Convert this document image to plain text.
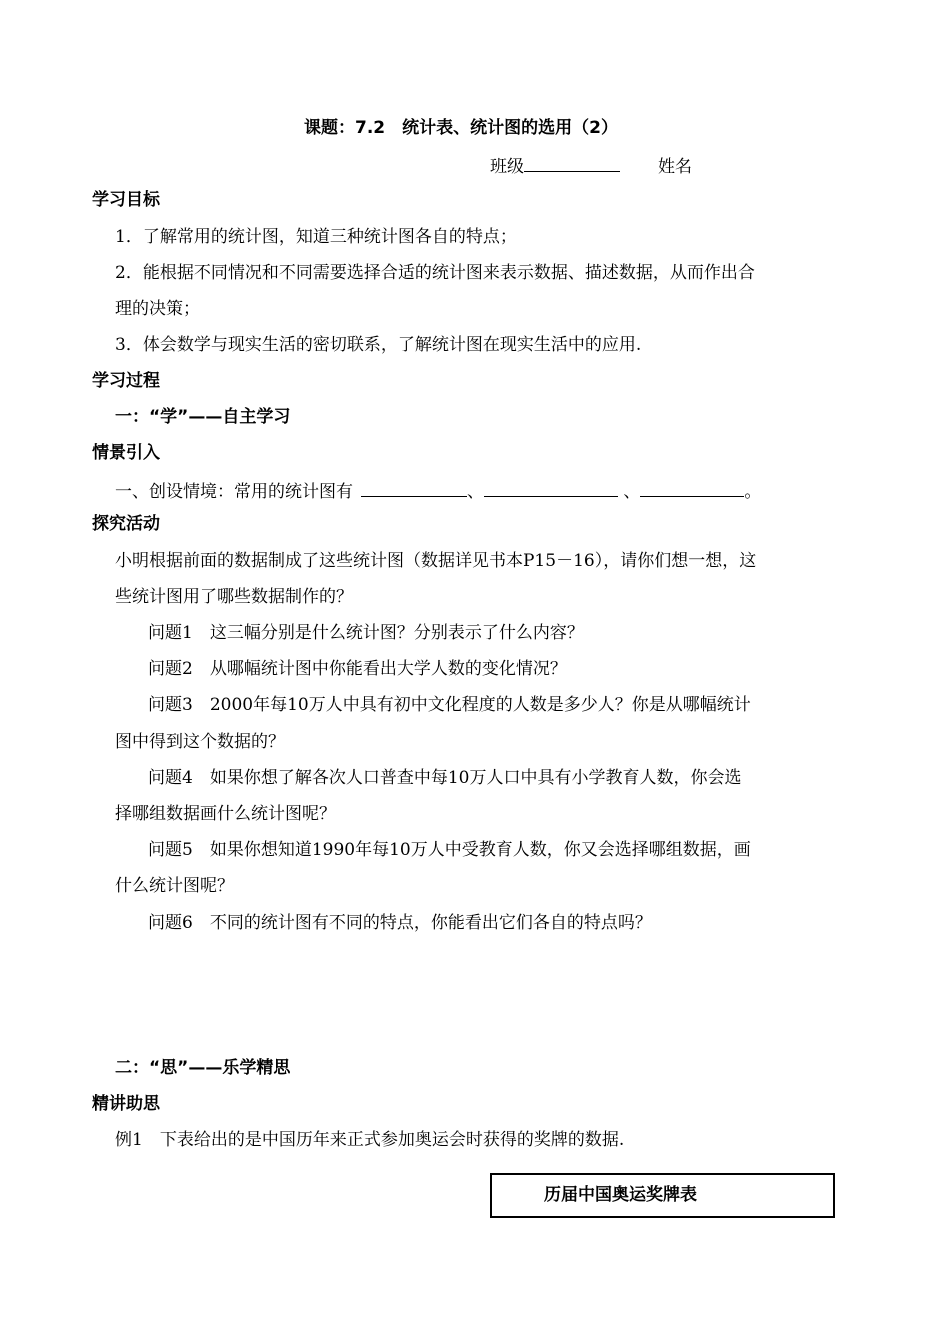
课题：7.2　统计表、统计图的选用（2）
班级	姓名
学习目标
1．了解常用的统计图，知道三种统计图各自的特点；
2．能根据不同情况和不同需要选择合适的统计图来表示数据、描述数据，从而作出合
理的决策；
3．体会数学与现实生活的密切联系，了解统计图在现实生活中的应用.
学习过程
一：“学”——自主学习
情景引入
一、创设情境：常用的统计图有	、	、	。
探究活动
小明根据前面的数据制成了这些统计图（数据详见书本P15－16），请你们想一想，这
些统计图用了哪些数据制作的？
问题1　这三幅分别是什么统计图？分别表示了什么内容？
问题2　从哪幅统计图中你能看出大学人数的变化情况？
问题3　2000年每10万人中具有初中文化程度的人数是多少人？你是从哪幅统计
图中得到这个数据的？
问题4　如果你想了解各次人口普查中每10万人口中具有小学教育人数，你会选
择哪组数据画什么统计图呢？
问题5　如果你想知道1990年每10万人中受教育人数，你又会选择哪组数据，画
什么统计图呢？
问题6　不同的统计图有不同的特点，你能看出它们各自的特点吗？
二：“思”——乐学精思
精讲助思
例1　下表给出的是中国历年来正式参加奥运会时获得的奖牌的数据.
历届中国奥运奖牌表
